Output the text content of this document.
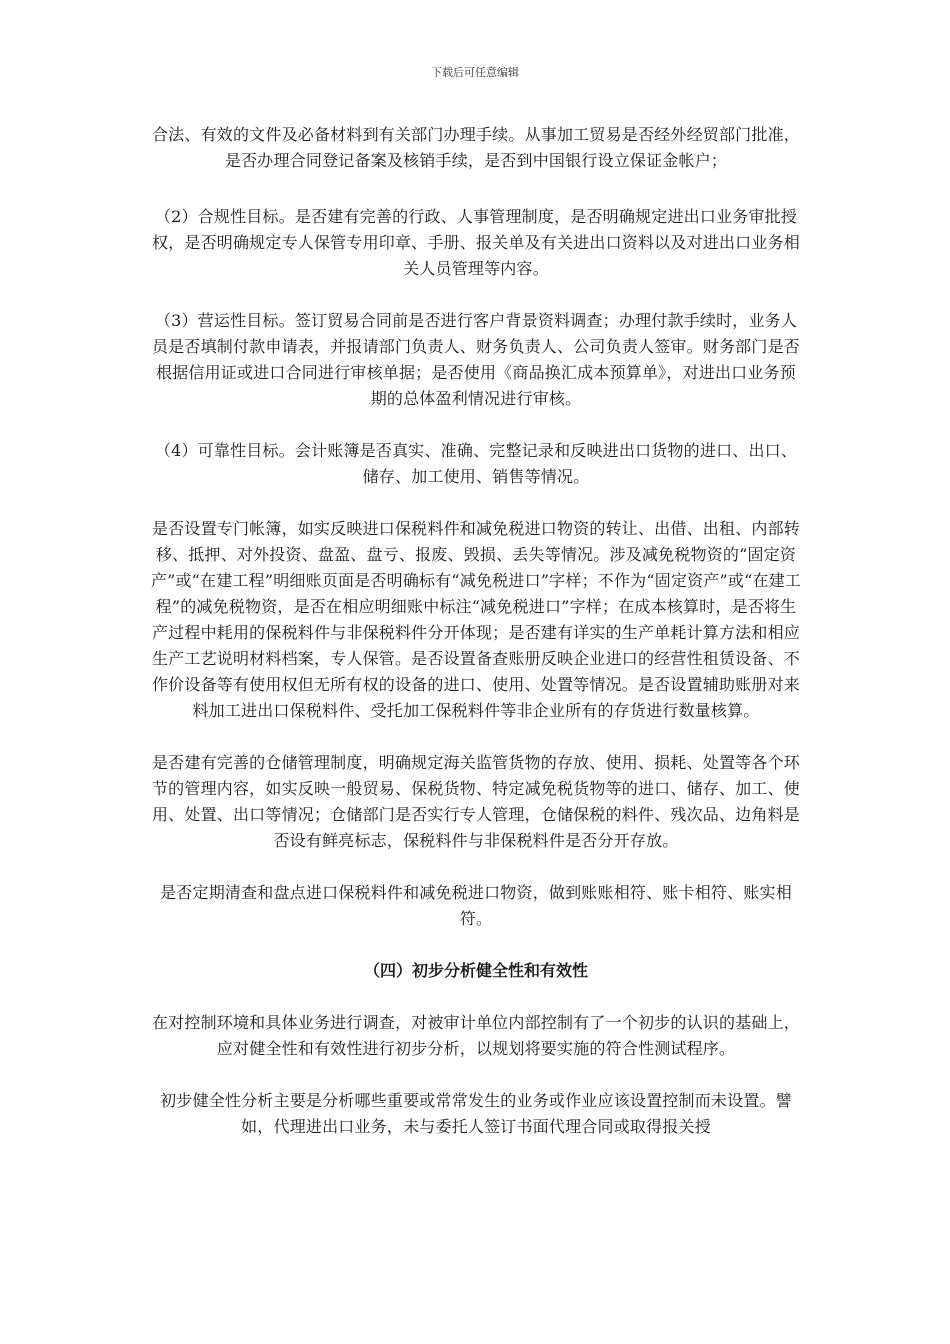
下载后可任意编辑

合法、有效的文件及必备材料到有关部门办理手续。从事加工贸易是否经外经贸部门批准，是否办理合同登记备案及核销手续，是否到中国银行设立保证金帐户；

（2）合规性目标。是否建有完善的行政、人事管理制度，是否明确规定进出口业务审批授权，是否明确规定专人保管专用印章、手册、报关单及有关进出口资料以及对进出口业务相关人员管理等内容。

（3）营运性目标。签订贸易合同前是否进行客户背景资料调查；办理付款手续时，业务人员是否填制付款申请表，并报请部门负责人、财务负责人、公司负责人签审。财务部门是否根据信用证或进口合同进行审核单据；是否使用《商品换汇成本预算单》，对进出口业务预期的总体盈利情况进行审核。

（4）可靠性目标。会计账簿是否真实、准确、完整记录和反映进出口货物的进口、出口、储存、加工使用、销售等情况。

是否设置专门帐簿，如实反映进口保税料件和减免税进口物资的转让、出借、出租、内部转移、抵押、对外投资、盘盈、盘亏、报废、毁损、丢失等情况。涉及减免税物资的“固定资产”或“在建工程”明细账页面是否明确标有“减免税进口”字样；不作为“固定资产”或“在建工程”的减免税物资，是否在相应明细账中标注“减免税进口”字样；在成本核算时，是否将生产过程中耗用的保税料件与非保税料件分开体现；是否建有详实的生产单耗计算方法和相应生产工艺说明材料档案，专人保管。是否设置备查账册反映企业进口的经营性租赁设备、不作价设备等有使用权但无所有权的设备的进口、使用、处置等情况。是否设置辅助账册对来料加工进出口保税料件、受托加工保税料件等非企业所有的存货进行数量核算。

是否建有完善的仓储管理制度，明确规定海关监管货物的存放、使用、损耗、处置等各个环节的管理内容，如实反映一般贸易、保税货物、特定减免税货物等的进口、储存、加工、使用、处置、出口等情况；仓储部门是否实行专人管理，仓储保税的料件、残次品、边角料是否设有鲜亮标志，保税料件与非保税料件是否分开存放。

是否定期清查和盘点进口保税料件和减免税进口物资，做到账账相符、账卡相符、账实相符。

（四）初步分析健全性和有效性

在对控制环境和具体业务进行调查，对被审计单位内部控制有了一个初步的认识的基础上，应对健全性和有效性进行初步分析，以规划将要实施的符合性测试程序。

初步健全性分析主要是分析哪些重要或常常发生的业务或作业应该设置控制而未设置。譬如，代理进出口业务，未与委托人签订书面代理合同或取得报关授
